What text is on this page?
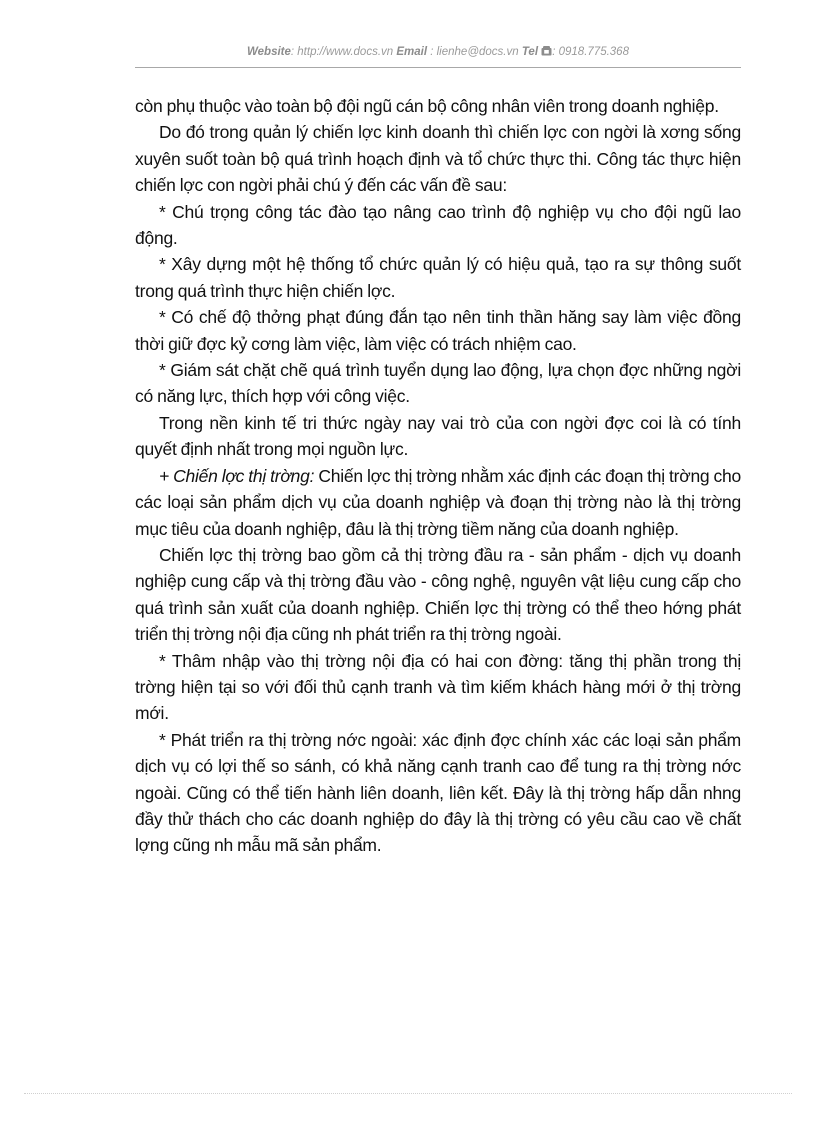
Website: http://www.docs.vn Email : lienhe@docs.vn Tel : 0918.775.368

còn phụ thuộc vào toàn bộ đội ngũ cán bộ công nhân viên trong doanh nghiệp.

Do đó trong quản lý chiến lợc kinh doanh thì chiến lợc con ngời là xơng sống xuyên suốt toàn bộ quá trình hoạch định và tổ chức thực thi. Công tác thực hiện chiến lợc con ngời phải chú ý đến các vấn đề sau:

* Chú trọng công tác đào tạo nâng cao trình độ nghiệp vụ cho đội ngũ lao động.

* Xây dựng một hệ thống tổ chức quản lý có hiệu quả, tạo ra sự thông suốt trong quá trình thực hiện chiến lợc.

* Có chế độ thởng phạt đúng đắn tạo nên tinh thần hăng say làm việc đồng thời giữ đợc kỷ cơng làm việc, làm việc có trách nhiệm cao.

* Giám sát chặt chẽ quá trình tuyển dụng lao động, lựa chọn đợc những ngời có năng lực, thích hợp với công việc.

Trong nền kinh tế tri thức ngày nay vai trò của con ngời đợc coi là có tính quyết định nhất trong mọi nguồn lực.

+ Chiến lợc thị trờng: Chiến lợc thị trờng nhằm xác định các đoạn thị trờng cho các loại sản phẩm dịch vụ của doanh nghiệp và đoạn thị trờng nào là thị trờng mục tiêu của doanh nghiệp, đâu là thị trờng tiềm năng của doanh nghiệp.

Chiến lợc thị trờng bao gồm cả thị trờng đầu ra - sản phẩm - dịch vụ doanh nghiệp cung cấp và thị trờng đầu vào - công nghệ, nguyên vật liệu cung cấp cho quá trình sản xuất của doanh nghiệp. Chiến lợc thị trờng có thể theo hớng phát triển thị trờng nội địa cũng nh phát triển ra thị trờng ngoài.

* Thâm nhập vào thị trờng nội địa có hai con đờng: tăng thị phần trong thị trờng hiện tại so với đối thủ cạnh tranh và tìm kiếm khách hàng mới ở thị trờng mới.

* Phát triển ra thị trờng nớc ngoài: xác định đợc chính xác các loại sản phẩm dịch vụ có lợi thế so sánh, có khả năng cạnh tranh cao để tung ra thị trờng nớc ngoài. Cũng có thể tiến hành liên doanh, liên kết. Đây là thị trờng hấp dẫn nhng đầy thử thách cho các doanh nghiệp do đây là thị trờng có yêu cầu cao về chất lợng cũng nh mẫu mã sản phẩm.
